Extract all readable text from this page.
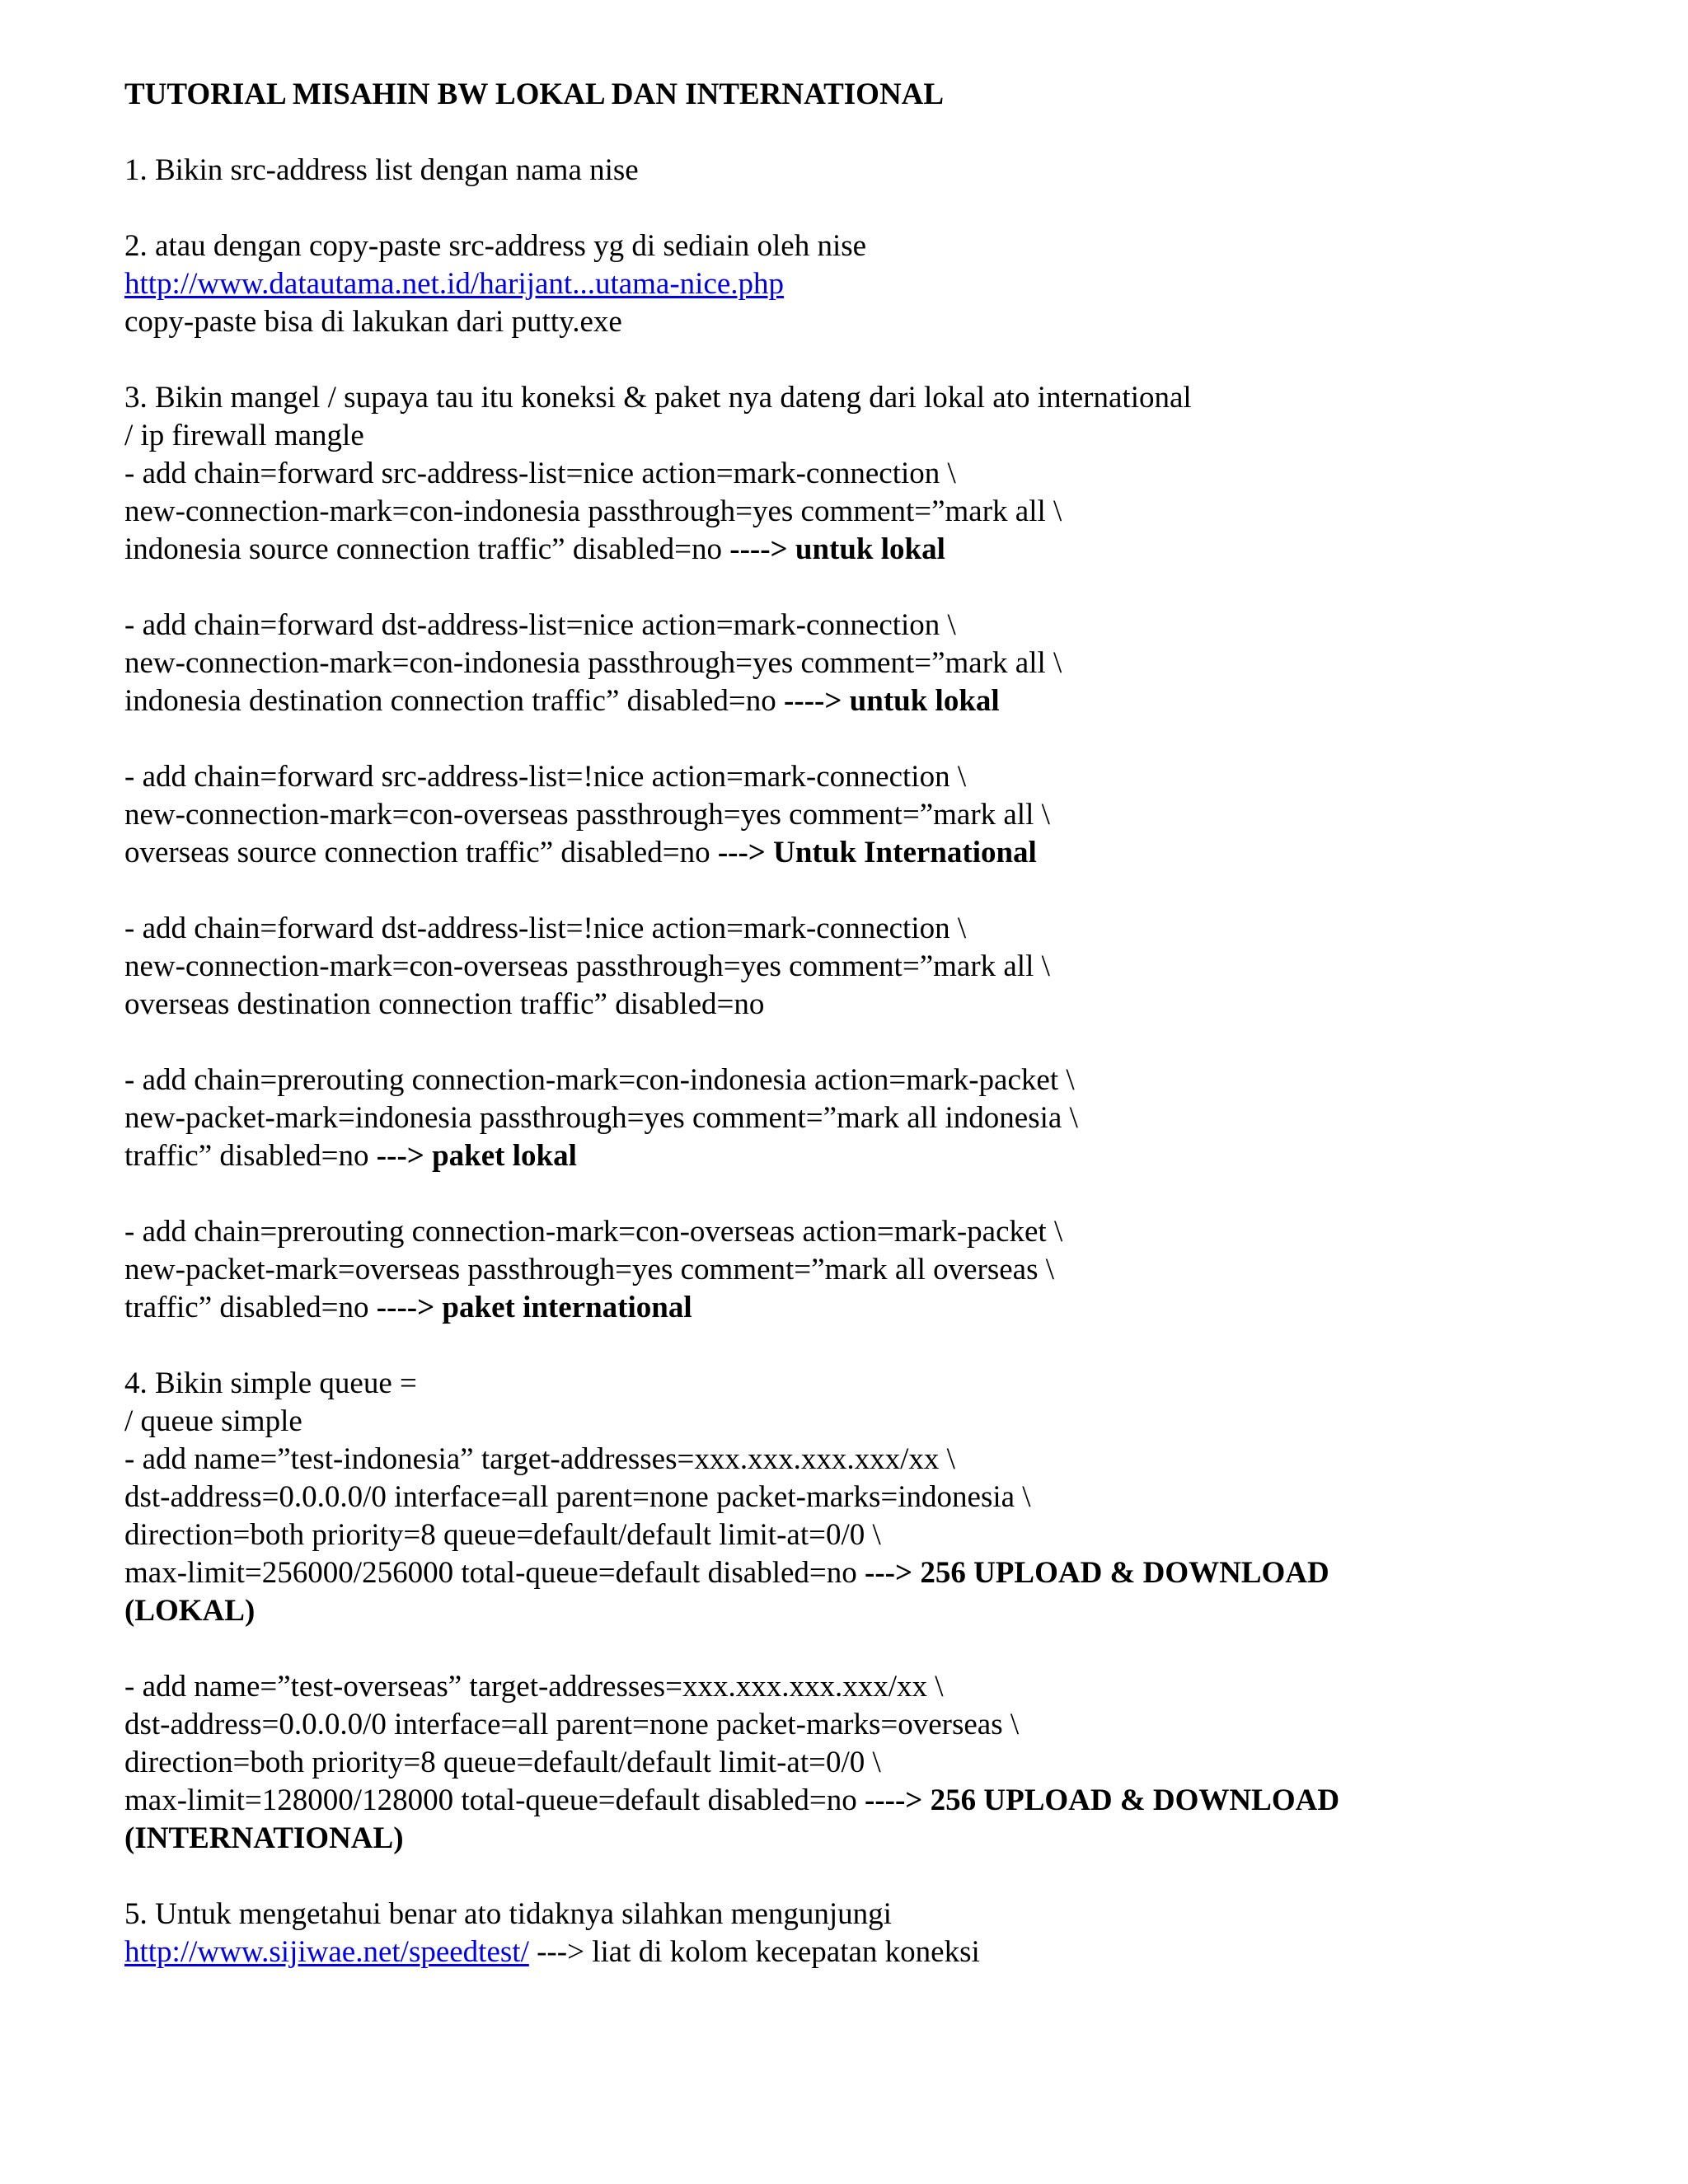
TUTORIAL MISAHIN BW LOKAL DAN INTERNATIONAL

1. Bikin src-address list dengan nama nise

2. atau dengan copy-paste src-address yg di sediain oleh nise
http://www.datautama.net.id/harijant...utama-nice.php
copy-paste bisa di lakukan dari putty.exe
3. Bikin mangel / supaya tau itu koneksi & paket nya dateng dari lokal ato international
/ ip firewall mangle
- add chain=forward src-address-list=nice action=mark-connection \
new-connection-mark=con-indonesia passthrough=yes comment=”mark all \
indonesia source connection traffic” disabled=no ----> untuk lokal
- add chain=forward dst-address-list=nice action=mark-connection \
new-connection-mark=con-indonesia passthrough=yes comment=”mark all \
indonesia destination connection traffic” disabled=no ----> untuk lokal
- add chain=forward src-address-list=!nice action=mark-connection \
new-connection-mark=con-overseas passthrough=yes comment=”mark all \
overseas source connection traffic” disabled=no ---> Untuk International
- add chain=forward dst-address-list=!nice action=mark-connection \
new-connection-mark=con-overseas passthrough=yes comment=”mark all \
overseas destination connection traffic” disabled=no
- add chain=prerouting connection-mark=con-indonesia action=mark-packet \
new-packet-mark=indonesia passthrough=yes comment=”mark all indonesia \
traffic” disabled=no ---> paket lokal
- add chain=prerouting connection-mark=con-overseas action=mark-packet \
new-packet-mark=overseas passthrough=yes comment=”mark all overseas \
traffic” disabled=no ----> paket international
4. Bikin simple queue =
/ queue simple
- add name=”test-indonesia” target-addresses=xxx.xxx.xxx.xxx/xx \
dst-address=0.0.0.0/0 interface=all parent=none packet-marks=indonesia \
direction=both priority=8 queue=default/default limit-at=0/0 \
max-limit=256000/256000 total-queue=default disabled=no ---> 256 UPLOAD & DOWNLOAD
(LOKAL)
- add name=”test-overseas” target-addresses=xxx.xxx.xxx.xxx/xx \
dst-address=0.0.0.0/0 interface=all parent=none packet-marks=overseas \
direction=both priority=8 queue=default/default limit-at=0/0 \
max-limit=128000/128000 total-queue=default disabled=no ----> 256 UPLOAD & DOWNLOAD
(INTERNATIONAL)
5. Untuk mengetahui benar ato tidaknya silahkan mengunjungi
http://www.sijiwae.net/speedtest/ ---> liat di kolom kecepatan koneksi
